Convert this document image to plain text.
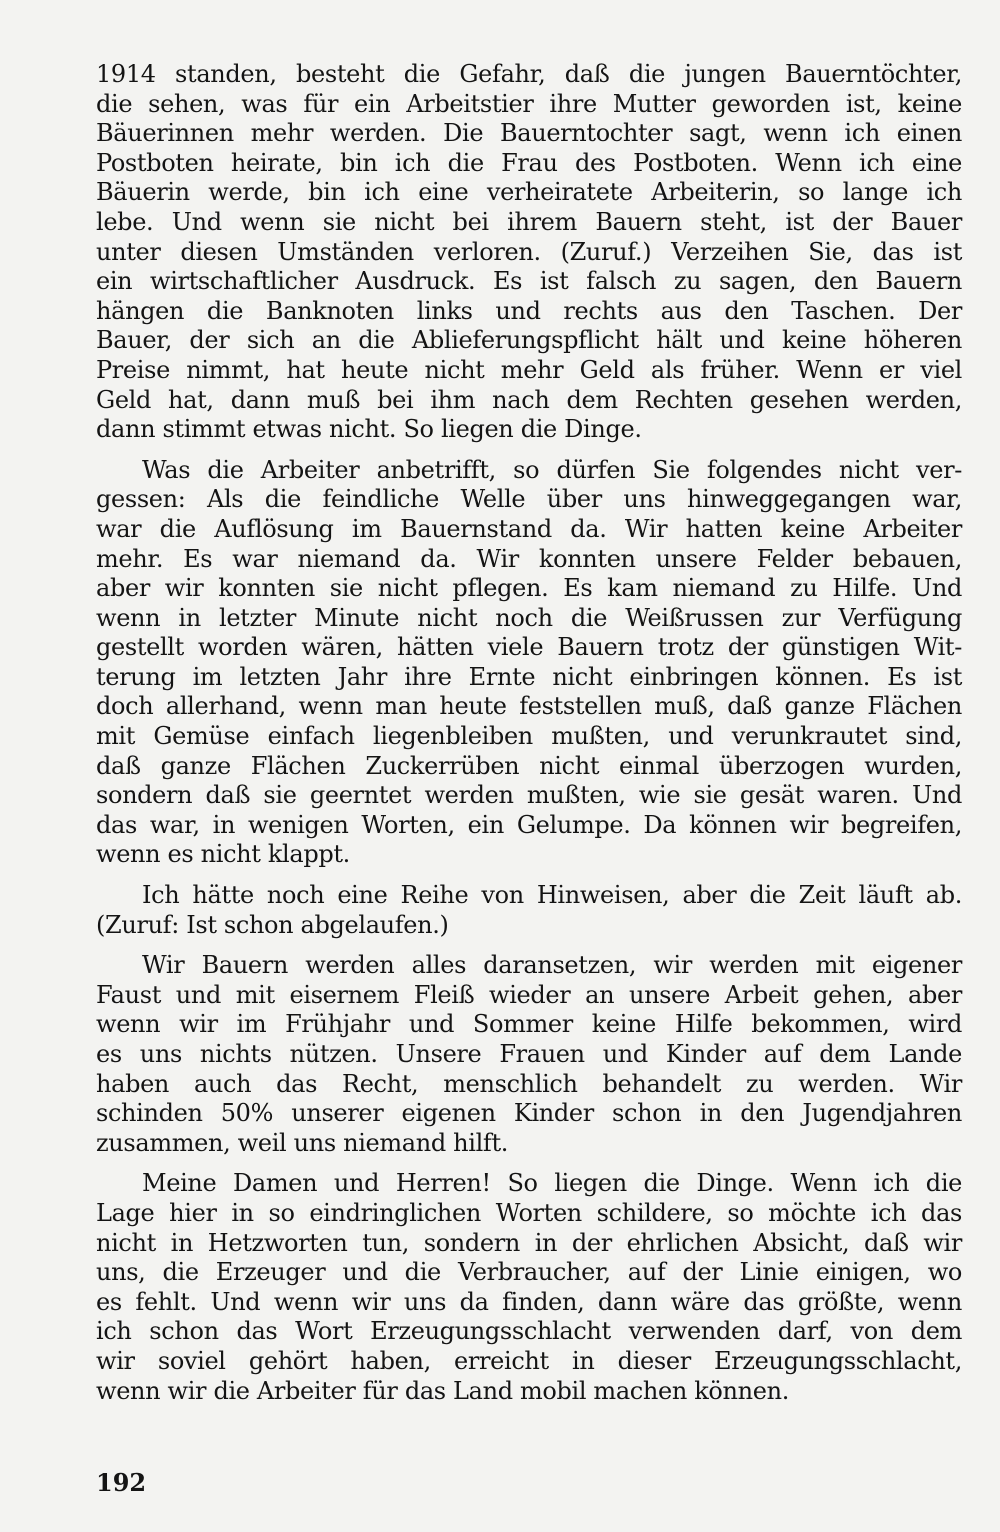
1914 standen, besteht die Gefahr, daß die jungen Bauerntöchter,
die sehen, was für ein Arbeitstier ihre Mutter geworden ist, keine
Bäuerinnen mehr werden. Die Bauerntochter sagt, wenn ich einen
Postboten heirate, bin ich die Frau des Postboten. Wenn ich eine
Bäuerin werde, bin ich eine verheiratete Arbeiterin, so lange ich
lebe. Und wenn sie nicht bei ihrem Bauern steht, ist der Bauer
unter diesen Umständen verloren. (Zuruf.) Verzeihen Sie, das ist
ein wirtschaftlicher Ausdruck. Es ist falsch zu sagen, den Bauern
hängen die Banknoten links und rechts aus den Taschen. Der
Bauer, der sich an die Ablieferungspflicht hält und keine höheren
Preise nimmt, hat heute nicht mehr Geld als früher. Wenn er viel
Geld hat, dann muß bei ihm nach dem Rechten gesehen werden,
dann stimmt etwas nicht. So liegen die Dinge.
Was die Arbeiter anbetrifft, so dürfen Sie folgendes nicht ver-
gessen: Als die feindliche Welle über uns hinweggegangen war,
war die Auflösung im Bauernstand da. Wir hatten keine Arbeiter
mehr. Es war niemand da. Wir konnten unsere Felder bebauen,
aber wir konnten sie nicht pflegen. Es kam niemand zu Hilfe. Und
wenn in letzter Minute nicht noch die Weißrussen zur Verfügung
gestellt worden wären, hätten viele Bauern trotz der günstigen Wit-
terung im letzten Jahr ihre Ernte nicht einbringen können. Es ist
doch allerhand, wenn man heute feststellen muß, daß ganze Flächen
mit Gemüse einfach liegenbleiben mußten, und verunkrautet sind,
daß ganze Flächen Zuckerrüben nicht einmal überzogen wurden,
sondern daß sie geerntet werden mußten, wie sie gesät waren. Und
das war, in wenigen Worten, ein Gelumpe. Da können wir begreifen,
wenn es nicht klappt.
Ich hätte noch eine Reihe von Hinweisen, aber die Zeit läuft ab.
(Zuruf: Ist schon abgelaufen.)
Wir Bauern werden alles daransetzen, wir werden mit eigener
Faust und mit eisernem Fleiß wieder an unsere Arbeit gehen, aber
wenn wir im Frühjahr und Sommer keine Hilfe bekommen, wird
es uns nichts nützen. Unsere Frauen und Kinder auf dem Lande
haben auch das Recht, menschlich behandelt zu werden. Wir
schinden 50% unserer eigenen Kinder schon in den Jugendjahren
zusammen, weil uns niemand hilft.
Meine Damen und Herren! So liegen die Dinge. Wenn ich die
Lage hier in so eindringlichen Worten schildere, so möchte ich das
nicht in Hetzworten tun, sondern in der ehrlichen Absicht, daß wir
uns, die Erzeuger und die Verbraucher, auf der Linie einigen, wo
es fehlt. Und wenn wir uns da finden, dann wäre das größte, wenn
ich schon das Wort Erzeugungsschlacht verwenden darf, von dem
wir soviel gehört haben, erreicht in dieser Erzeugungsschlacht,
wenn wir die Arbeiter für das Land mobil machen können.
192
